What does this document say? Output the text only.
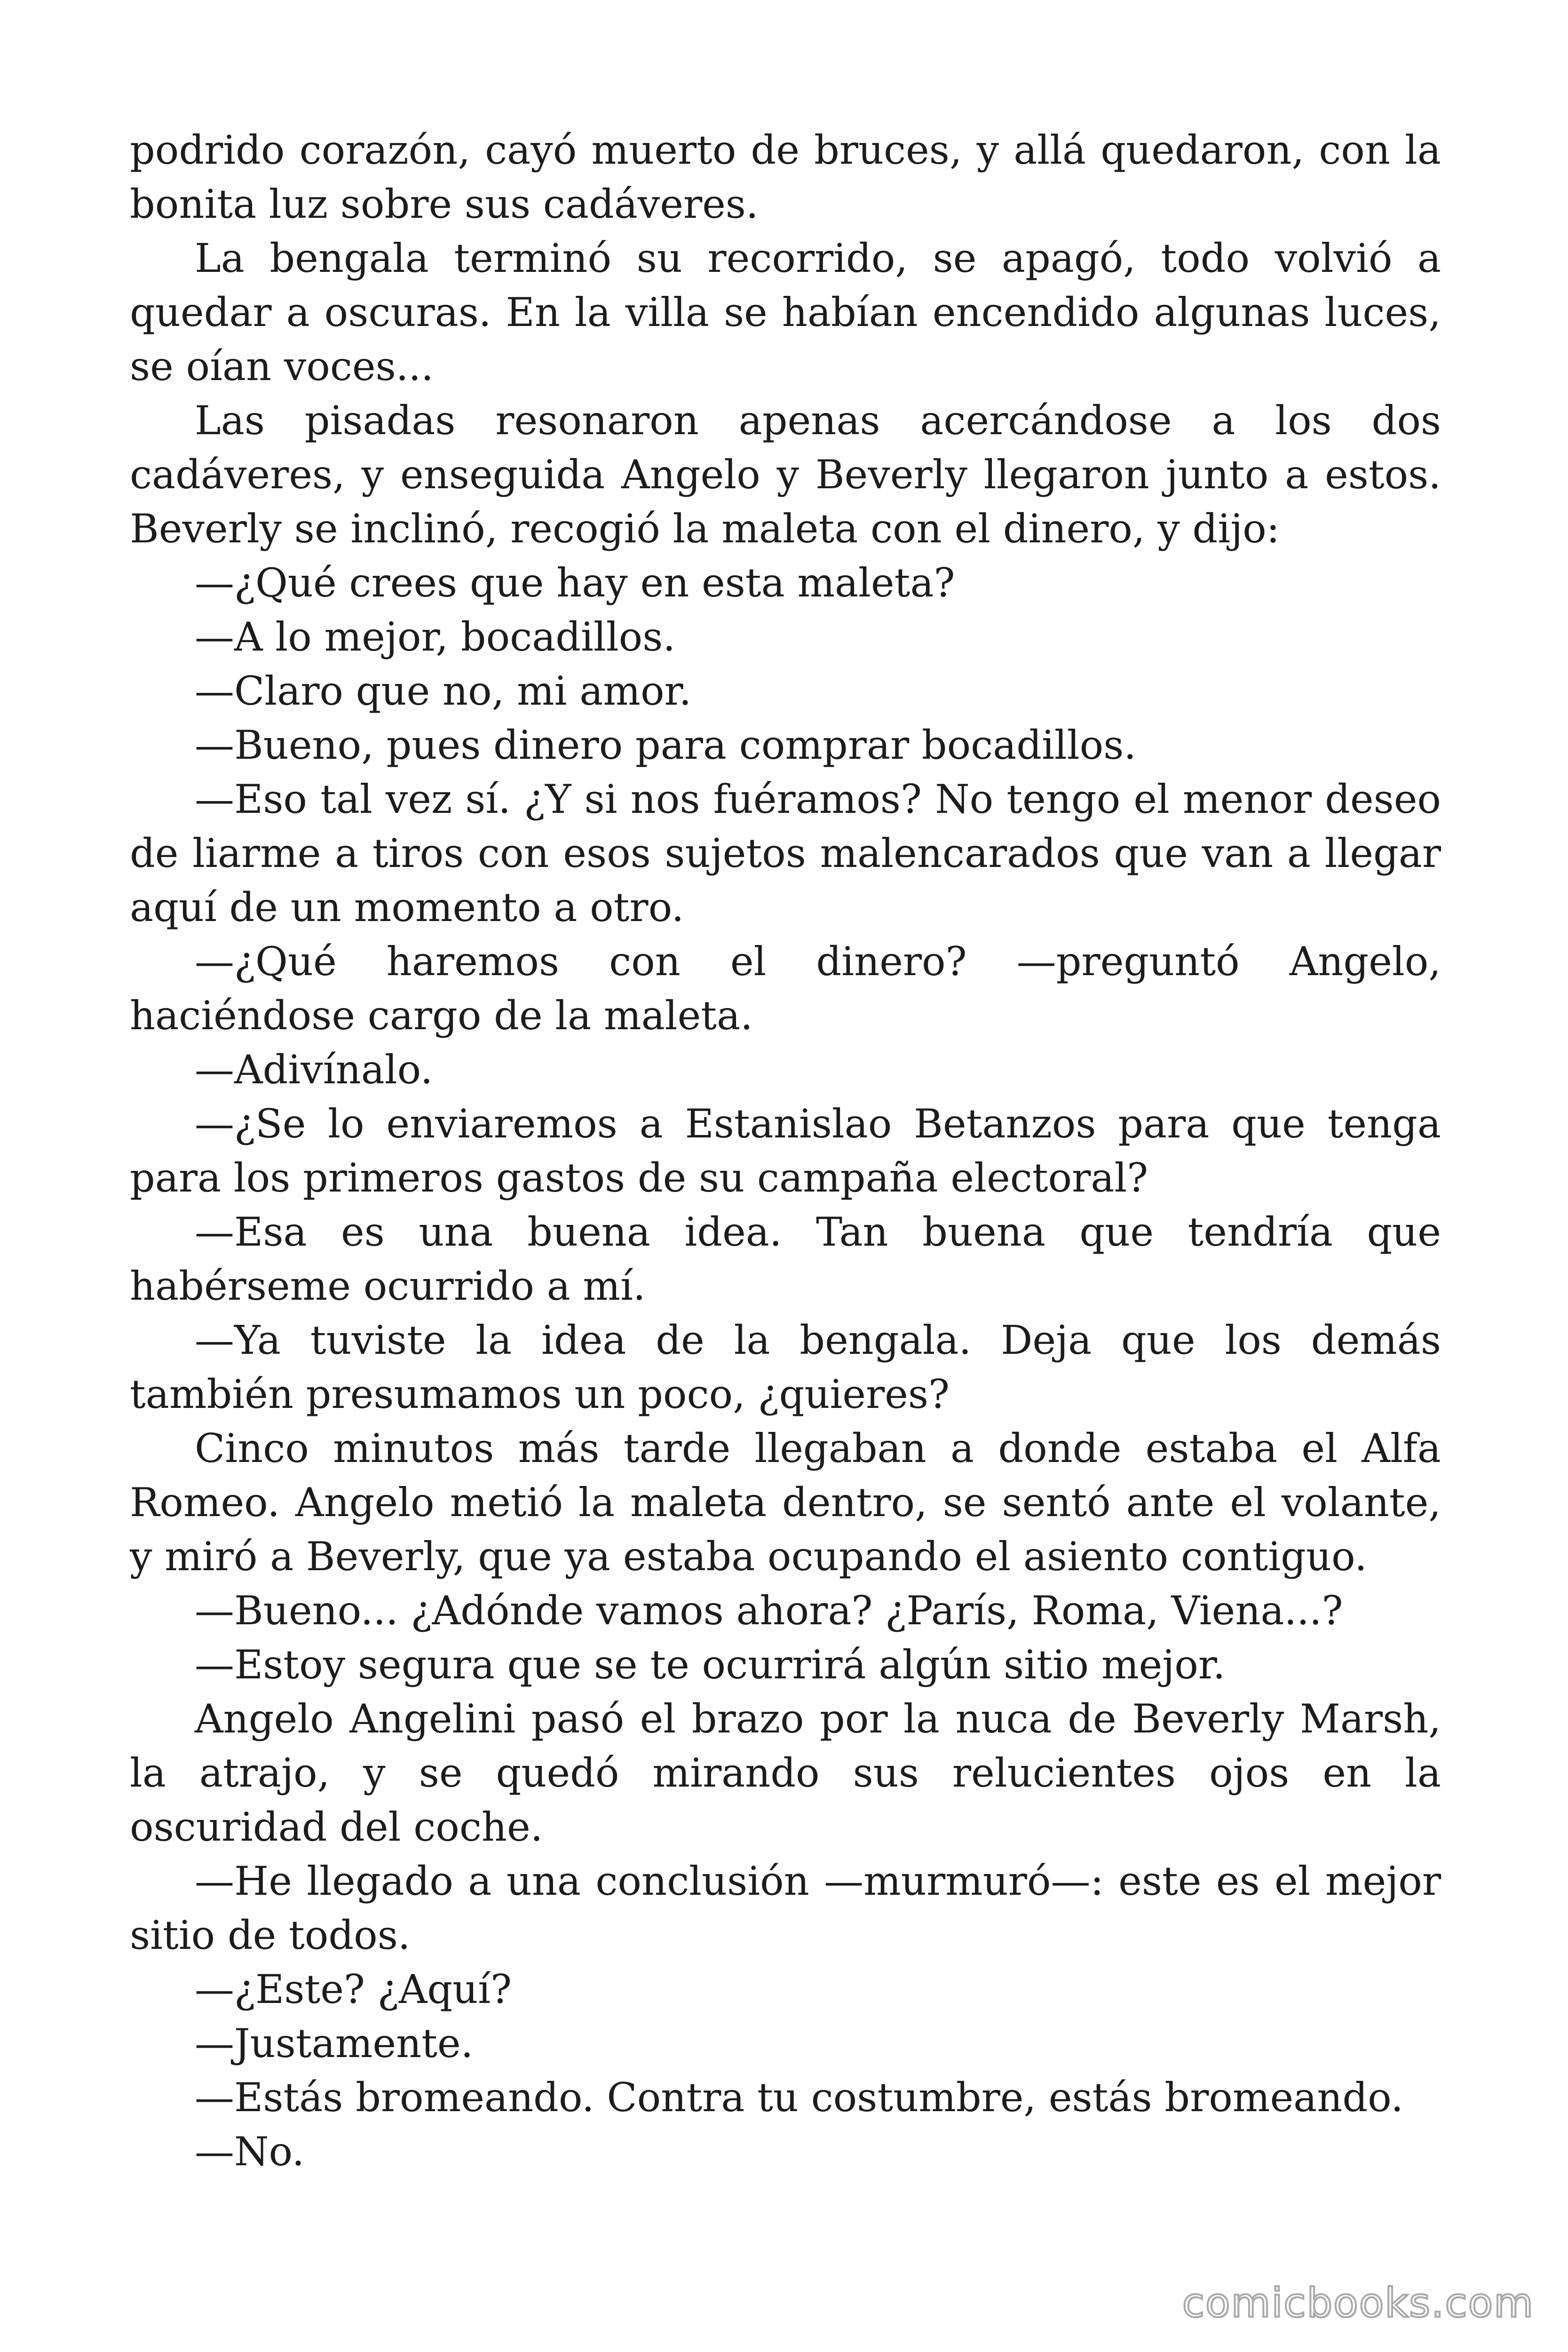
podrido corazón, cayó muerto de bruces, y allá quedaron, con la bonita luz sobre sus cadáveres.

La bengala terminó su recorrido, se apagó, todo volvió a quedar a oscuras. En la villa se habían encendido algunas luces, se oían voces...

Las pisadas resonaron apenas acercándose a los dos cadáveres, y enseguida Angelo y Beverly llegaron junto a estos. Beverly se inclinó, recogió la maleta con el dinero, y dijo:

—¿Qué crees que hay en esta maleta?

—A lo mejor, bocadillos.

—Claro que no, mi amor.

—Bueno, pues dinero para comprar bocadillos.

—Eso tal vez sí. ¿Y si nos fuéramos? No tengo el menor deseo de liarme a tiros con esos sujetos malencarados que van a llegar aquí de un momento a otro.

—¿Qué haremos con el dinero? —preguntó Angelo, haciéndose cargo de la maleta.

—Adivínalo.

—¿Se lo enviaremos a Estanislao Betanzos para que tenga para los primeros gastos de su campaña electoral?

—Esa es una buena idea. Tan buena que tendría que habérseme ocurrido a mí.

—Ya tuviste la idea de la bengala. Deja que los demás también presumamos un poco, ¿quieres?

Cinco minutos más tarde llegaban a donde estaba el Alfa Romeo. Angelo metió la maleta dentro, se sentó ante el volante, y miró a Beverly, que ya estaba ocupando el asiento contiguo.

—Bueno... ¿Adónde vamos ahora? ¿París, Roma, Viena...?

—Estoy segura que se te ocurrirá algún sitio mejor.

Angelo Angelini pasó el brazo por la nuca de Beverly Marsh, la atrajo, y se quedó mirando sus relucientes ojos en la oscuridad del coche.

—He llegado a una conclusión —murmuró—: este es el mejor sitio de todos.

—¿Este? ¿Aquí?

—Justamente.

—Estás bromeando. Contra tu costumbre, estás bromeando.

—No.

comicbooks.com
